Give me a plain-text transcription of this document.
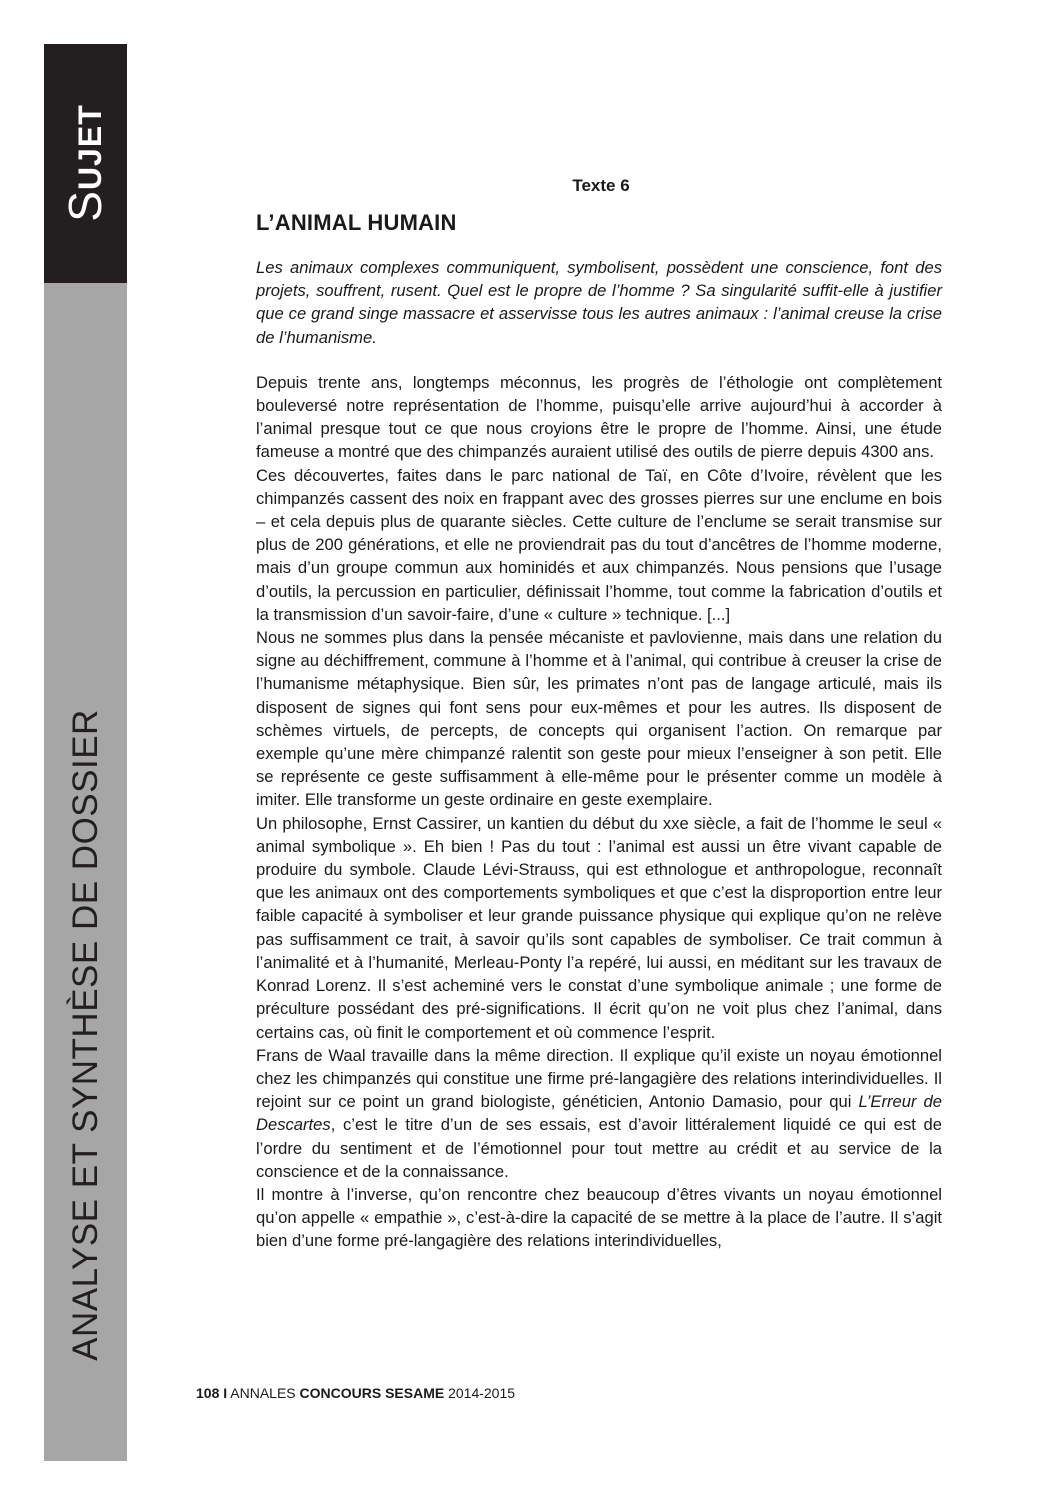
SUJET
ANALYSE ET SYNTHÈSE DE DOSSIER
Texte 6
L’ANIMAL HUMAIN

Les animaux complexes communiquent, symbolisent, possèdent une conscience, font des projets, souffrent, rusent. Quel est le propre de l’homme ? Sa singularité suffit-elle à justifier que ce grand singe massacre et asservisse tous les autres animaux : l’animal creuse la crise de l’humanisme.

Depuis trente ans, longtemps méconnus, les progrès de l’éthologie ont complètement bouleversé notre représentation de l’homme, puisqu’elle arrive aujourd’hui à accorder à l’animal presque tout ce que nous croyions être le propre de l’homme. Ainsi, une étude fameuse a montré que des chimpanzés auraient utilisé des outils de pierre depuis 4300 ans.

Ces découvertes, faites dans le parc national de Taï, en Côte d’Ivoire, révèlent que les chimpanzés cassent des noix en frappant avec des grosses pierres sur une enclume en bois – et cela depuis plus de quarante siècles. Cette culture de l’enclume se serait transmise sur plus de 200 générations, et elle ne proviendrait pas du tout d’ancêtres de l’homme moderne, mais d’un groupe commun aux hominidés et aux chimpanzés. Nous pensions que l’usage d’outils, la percussion en particulier, définissait l’homme, tout comme la fabrication d’outils et la transmission d’un savoir-faire, d’une « culture » technique. [...]

Nous ne sommes plus dans la pensée mécaniste et pavlovienne, mais dans une relation du signe au déchiffrement, commune à l’homme et à l’animal, qui contribue à creuser la crise de l’humanisme métaphysique. Bien sûr, les primates n’ont pas de langage articulé, mais ils disposent de signes qui font sens pour eux-mêmes et pour les autres. Ils disposent de schèmes virtuels, de percepts, de concepts qui organisent l’action. On remarque par exemple qu’une mère chimpanzé ralentit son geste pour mieux l’enseigner à son petit. Elle se représente ce geste suffisamment à elle-même pour le présenter comme un modèle à imiter. Elle transforme un geste ordinaire en geste exemplaire.

Un philosophe, Ernst Cassirer, un kantien du début du xxe siècle, a fait de l’homme le seul « animal symbolique ». Eh bien ! Pas du tout : l’animal est aussi un être vivant capable de produire du symbole. Claude Lévi-Strauss, qui est ethnologue et anthropologue, reconnaît que les animaux ont des comportements symboliques et que c’est la disproportion entre leur faible capacité à symboliser et leur grande puissance physique qui explique qu’on ne relève pas suffisamment ce trait, à savoir qu’ils sont capables de symboliser. Ce trait commun à l’animalité et à l’humanité, Merleau-Ponty l’a repéré, lui aussi, en méditant sur les travaux de Konrad Lorenz. Il s’est acheminé vers le constat d’une symbolique animale ; une forme de préculture possédant des pré-significations. Il écrit qu’on ne voit plus chez l’animal, dans certains cas, où finit le comportement et où commence l’esprit.

Frans de Waal travaille dans la même direction. Il explique qu’il existe un noyau émotionnel chez les chimpanzés qui constitue une firme pré-langagière des relations interindividuelles. Il rejoint sur ce point un grand biologiste, généticien, Antonio Damasio, pour qui L’Erreur de Descartes, c’est le titre d’un de ses essais, est d’avoir littéralement liquidé ce qui est de l’ordre du sentiment et de l’émotionnel pour tout mettre au crédit et au service de la conscience et de la connaissance.

Il montre à l’inverse, qu’on rencontre chez beaucoup d’êtres vivants un noyau émotionnel qu’on appelle « empathie », c’est-à-dire la capacité de se mettre à la place de l’autre. Il s’agit bien d’une forme pré-langagière des relations interindividuelles,

108 I ANNALES CONCOURS SESAME 2014-2015
